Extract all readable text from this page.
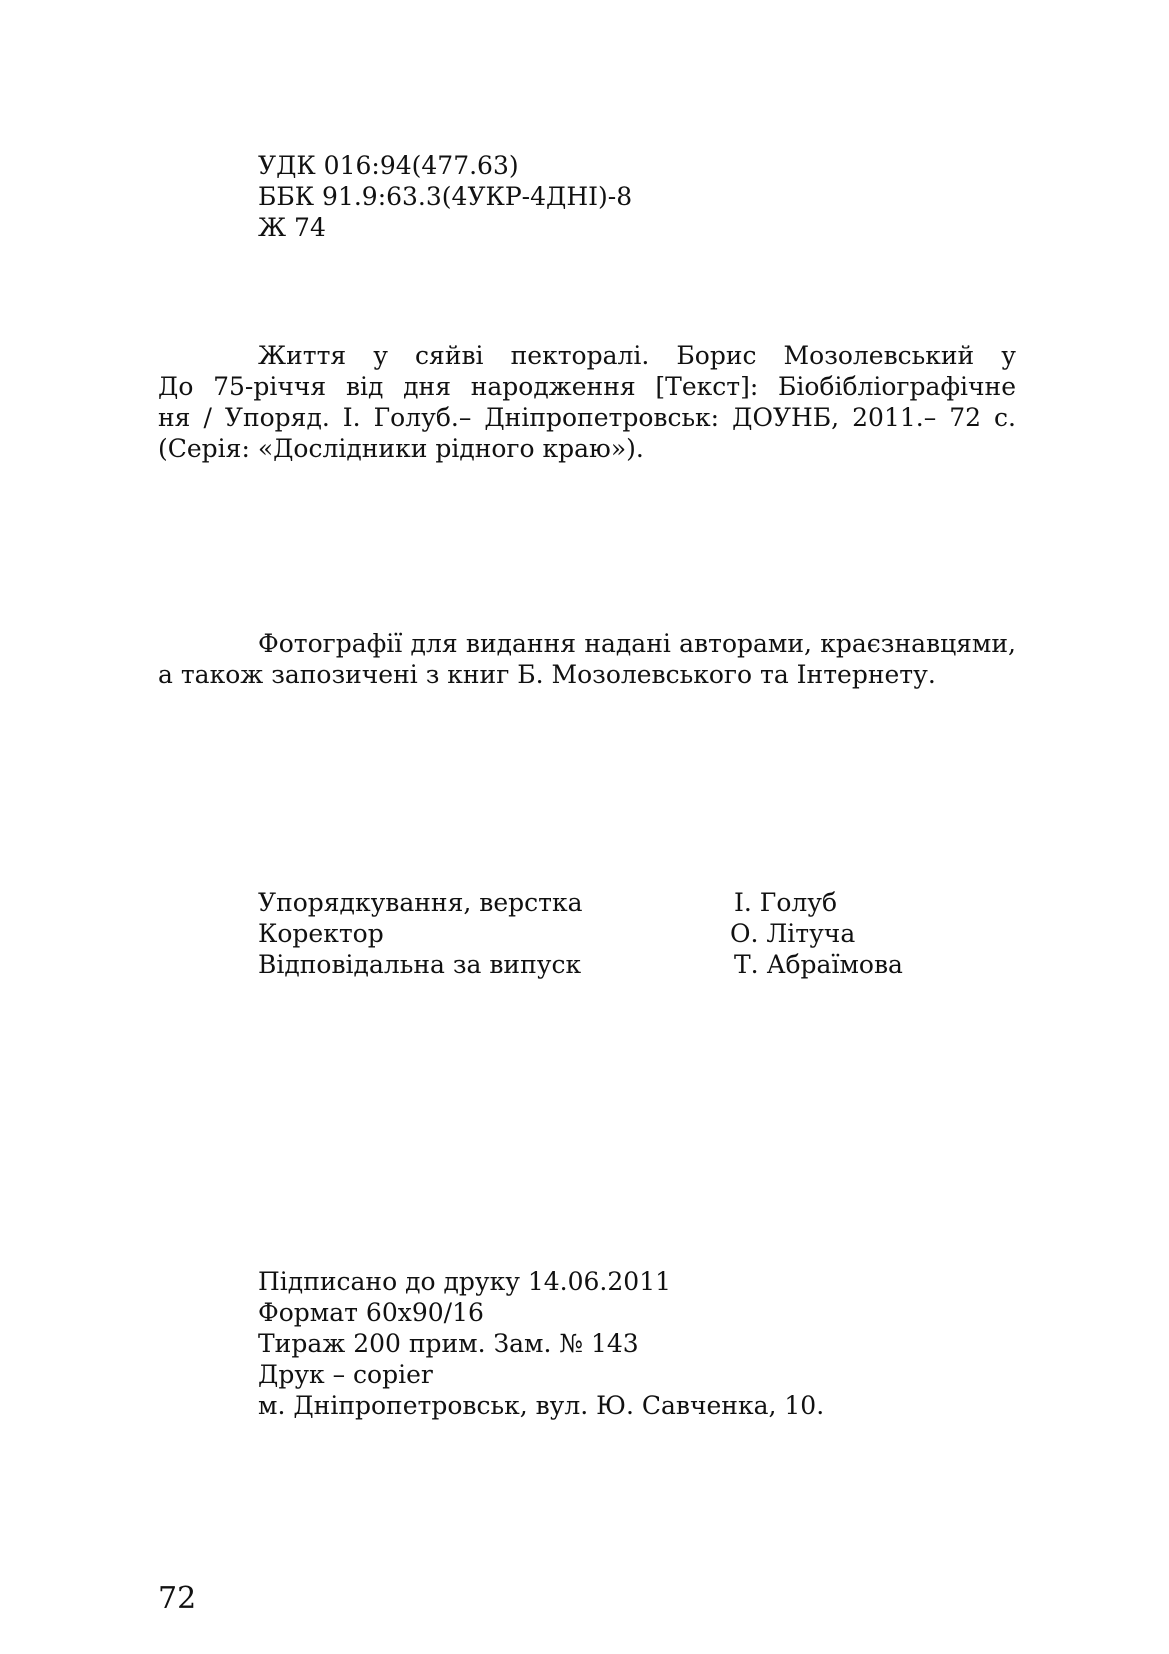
УДК 016:94(477.63)
ББК 91.9:63.3(4УКР-4ДНІ)-8
Ж 74
Життя у сяйві пекторалі. Борис Мозолевський у
До 75-річчя від дня народження [Текст]: Біобібліографічне
ня / Упоряд. І. Голуб.– Дніпропетровськ: ДОУНБ, 2011.– 72 с.
(Серія: «Дослідники рідного краю»).
Фотографії для видання надані авторами, краєзнавцями,
а також запозичені з книг Б. Мозолевського та Інтернету.
Упорядкування, верстка	І. Голуб
Коректор	О. Літуча
Відповідальна за випуск	Т. Абраїмова
Підписано до друку 14.06.2011
Формат 60х90/16
Тираж 200 прим. Зам. № 143
Друк – copier
м. Дніпропетровськ, вул. Ю. Савченка, 10.
72
